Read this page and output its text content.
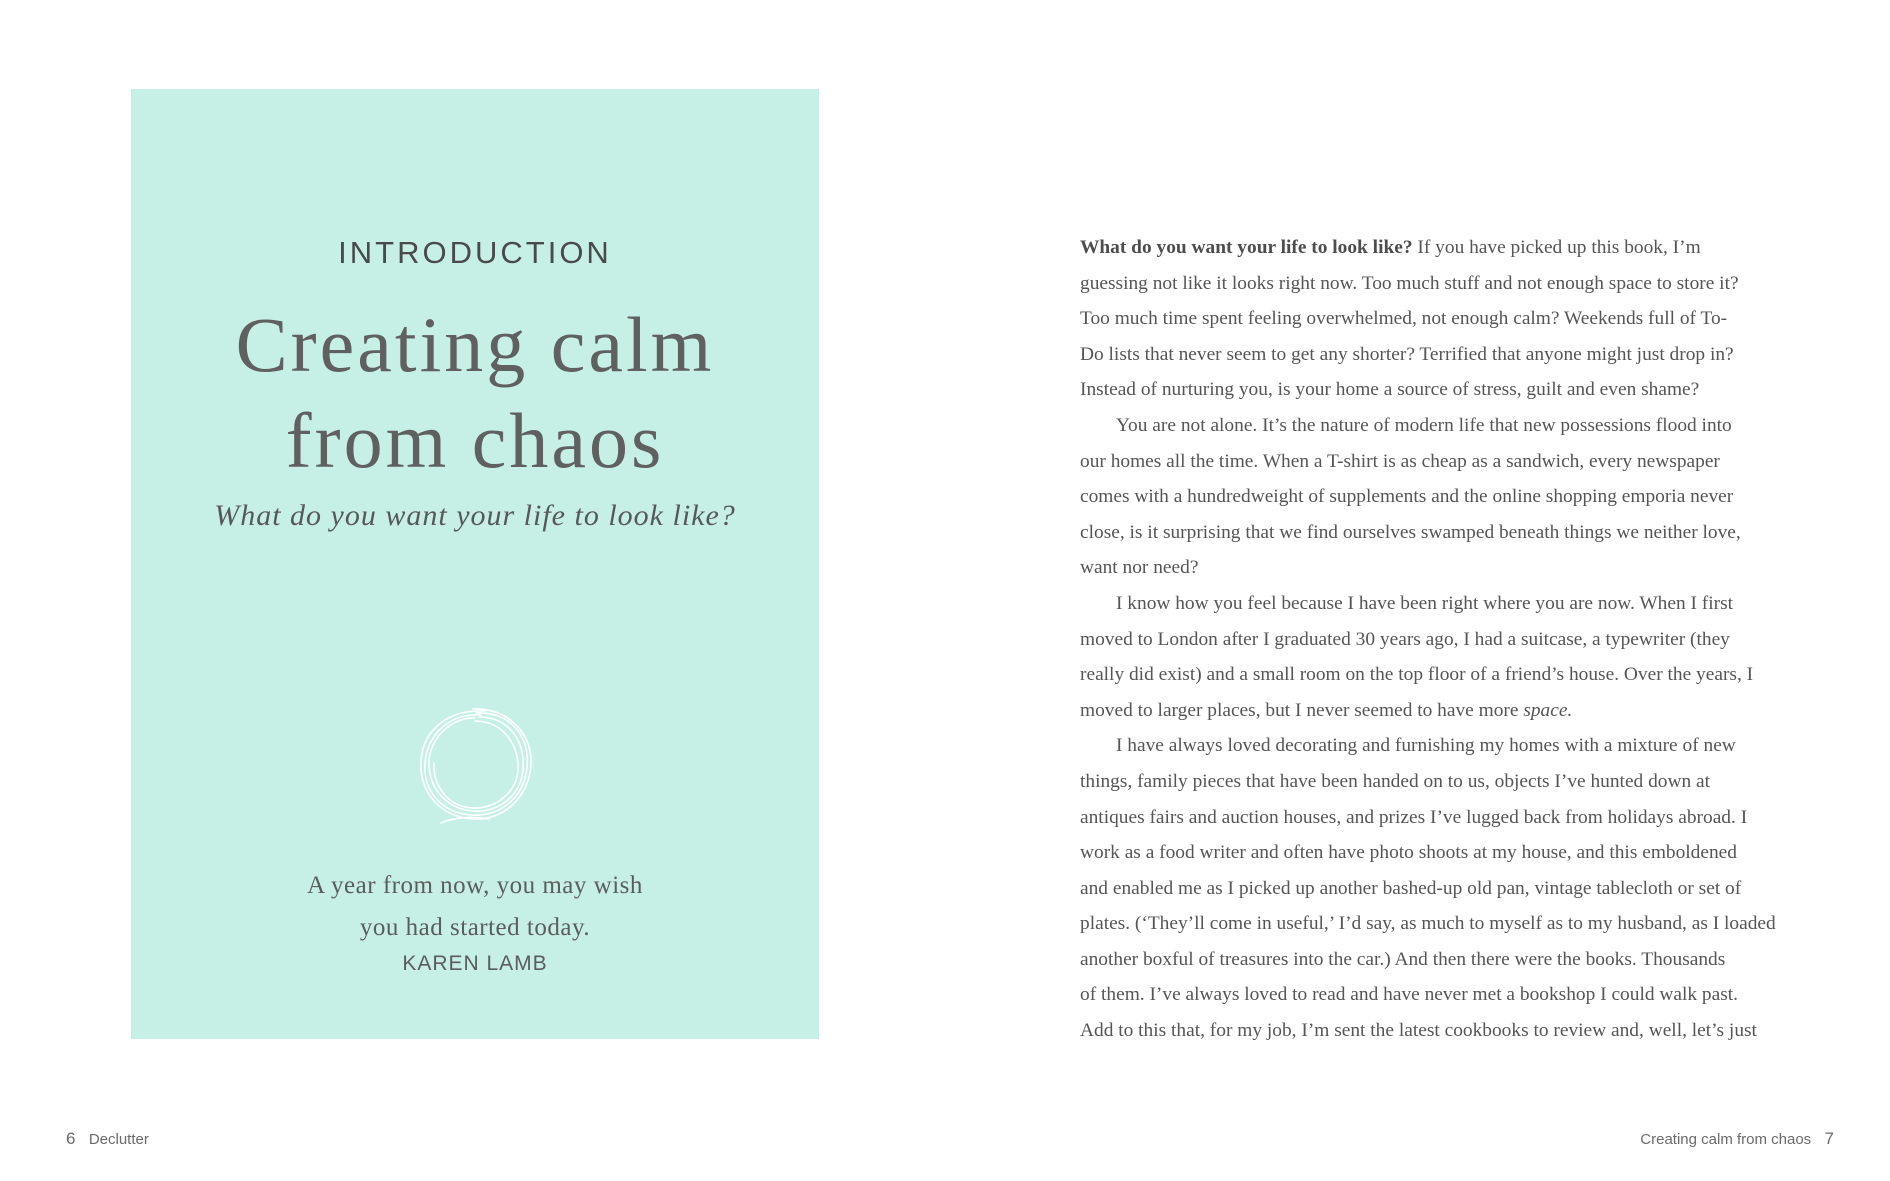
INTRODUCTION
Creating calm
from chaos
What do you want your life to look like?

A year from now, you may wish

you had started today.

KAREN LAMB
What do you want your life to look like? If you have picked up this book, I’m
guessing not like it looks right now. Too much stuff and not enough space to store it?
Too much time spent feeling overwhelmed, not enough calm? Weekends full of To-
Do lists that never seem to get any shorter? Terrified that anyone might just drop in?
Instead of nurturing you, is your home a source of stress, guilt and even shame?
You are not alone. It’s the nature of modern life that new possessions flood into
our homes all the time. When a T-shirt is as cheap as a sandwich, every newspaper
comes with a hundredweight of supplements and the online shopping emporia never
close, is it surprising that we find ourselves swamped beneath things we neither love,
want nor need?
I know how you feel because I have been right where you are now. When I first
moved to London after I graduated 30 years ago, I had a suitcase, a typewriter (they
really did exist) and a small room on the top floor of a friend’s house. Over the years, I
moved to larger places, but I never seemed to have more space.
I have always loved decorating and furnishing my homes with a mixture of new
things, family pieces that have been handed on to us, objects I’ve hunted down at
antiques fairs and auction houses, and prizes I’ve lugged back from holidays abroad. I
work as a food writer and often have photo shoots at my house, and this emboldened
and enabled me as I picked up another bashed-up old pan, vintage tablecloth or set of
plates. (‘They’ll come in useful,’ I’d say, as much to myself as to my husband, as I loaded
another boxful of treasures into the car.) And then there were the books. Thousands
of them. I’ve always loved to read and have never met a bookshop I could walk past.
Add to this that, for my job, I’m sent the latest cookbooks to review and, well, let’s just
6 Declutter	Creating calm from chaos 7
